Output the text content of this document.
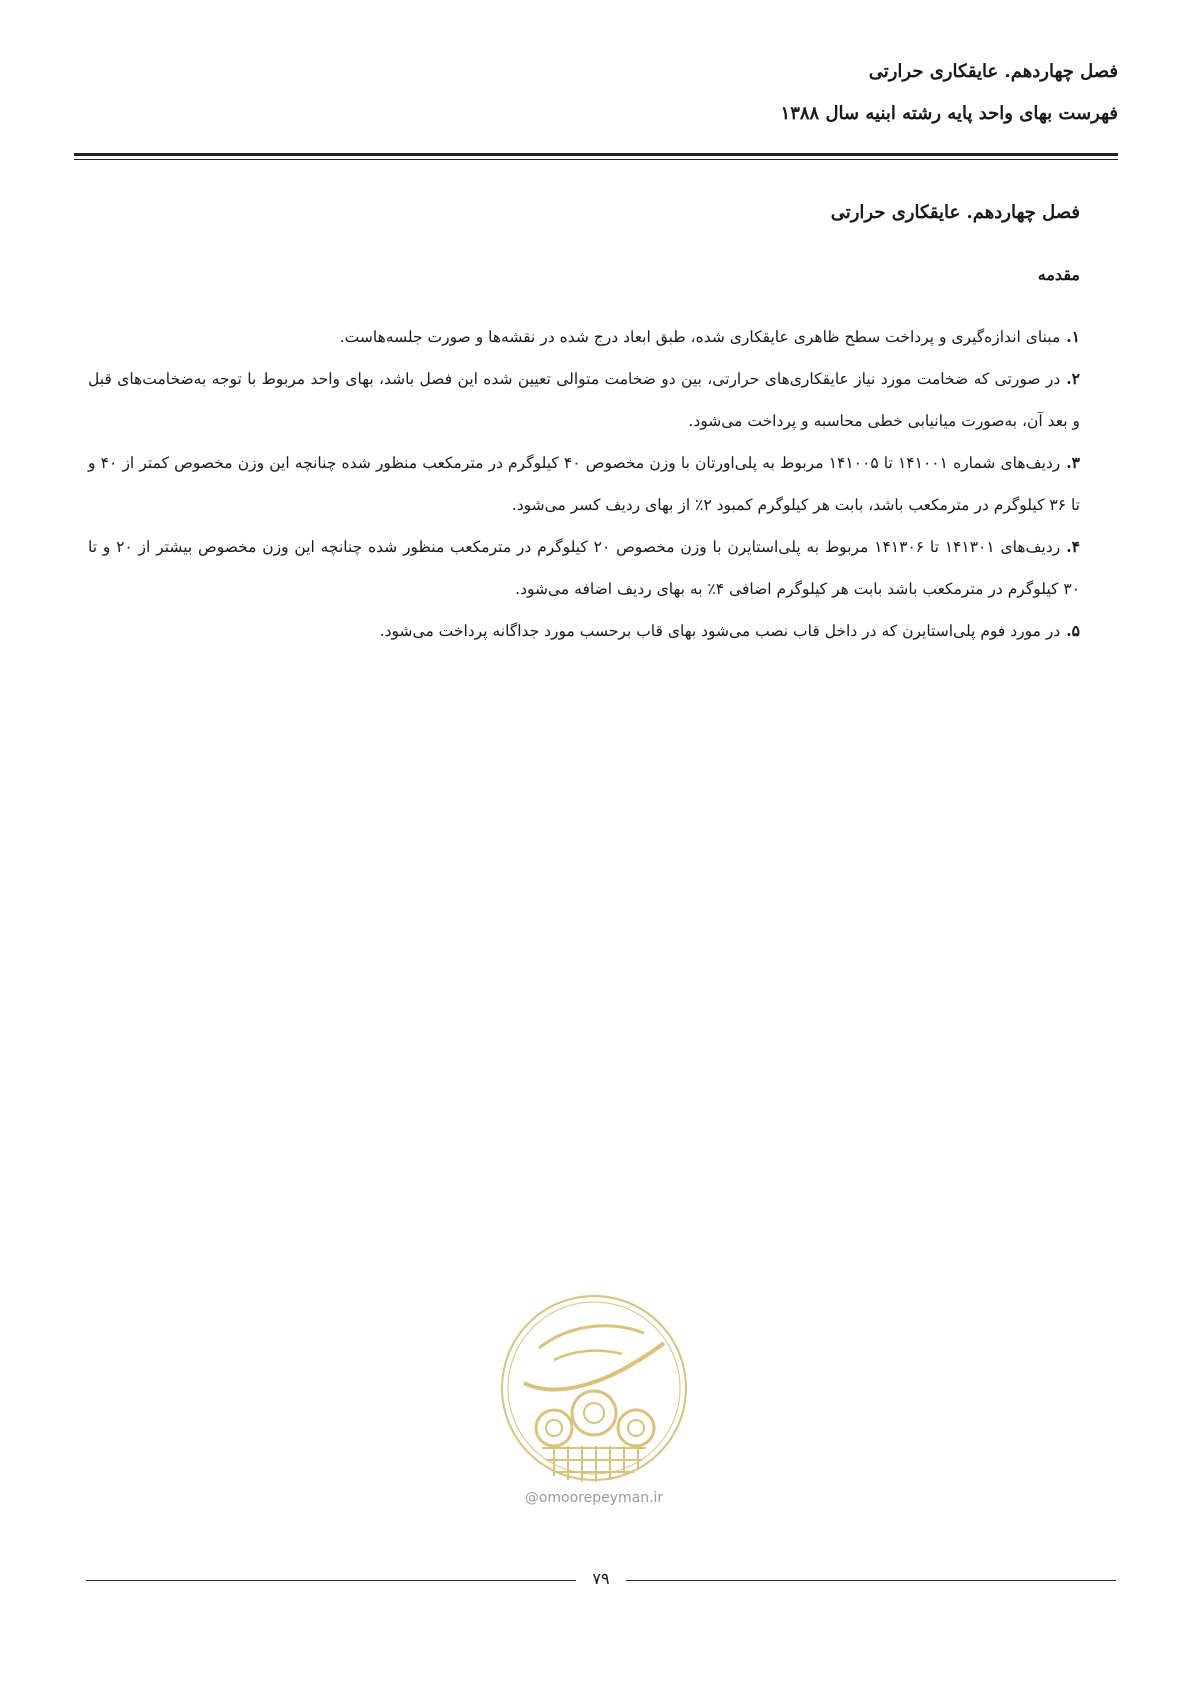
فصل چهاردهم. عایقکاری حرارتی
فهرست بهای واحد پایه رشته ابنیه سال ۱۳۸۸
فصل چهاردهم. عایقکاری حرارتی
مقدمه
۱.مبنای اندازه‌گیری و پرداخت سطح ظاهری عایقکاری شده، طبق ابعاد درج شده در نقشه‌ها و صورت جلسه‌هاست.
۲.در صورتی که ضخامت مورد نیاز عایقکاری‌های حرارتی، بین دو ضخامت متوالی تعیین شده این فصل باشد، بهای واحد مربوط با توجه به‌ضخامت‌های قبل و بعد آن، به‌صورت میانیابی خطی محاسبه و پرداخت می‌شود.
۳.ردیف‌های شماره ۱۴۱۰۰۱ تا ۱۴۱۰۰۵ مربوط به پلی‌اورتان با وزن مخصوص ۴۰ کیلوگرم در مترمکعب منظور شده چنانچه این وزن مخصوص کمتر از ۴۰ و تا ۳۶ کیلوگرم در مترمکعب باشد، بابت هر کیلوگرم کمبود ۲٪ از بهای ردیف کسر می‌شود.
۴.ردیف‌های ۱۴۱۳۰۱ تا ۱۴۱۳۰۶ مربوط به پلی‌استایرن با وزن مخصوص ۲۰ کیلوگرم در مترمکعب منظور شده چنانچه این وزن مخصوص بیشتر از ۲۰ و تا ۳۰ کیلوگرم در مترمکعب باشد بابت هر کیلوگرم اضافی ۴٪ به بهای ردیف اضافه می‌شود.
۵.در مورد فوم پلی‌استایرن که در داخل قاب نصب می‌شود بهای قاب برحسب مورد جداگانه پرداخت می‌شود.
@omoorepeyman.ir
۷۹
